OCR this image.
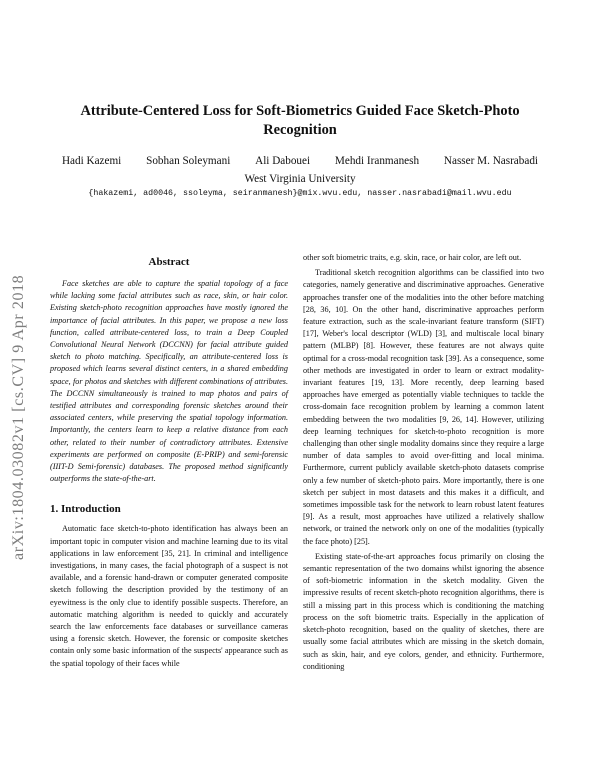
arXiv:1804.03082v1 [cs.CV] 9 Apr 2018
Attribute-Centered Loss for Soft-Biometrics Guided Face Sketch-Photo
Recognition
Hadi Kazemi Sobhan Soleymani Ali Dabouei Mehdi Iranmanesh Nasser M. Nasrabadi
West Virginia University
{hakazemi, ad0046, ssoleyma, seiranmanesh}@mix.wvu.edu, nasser.nasrabadi@mail.wvu.edu
Abstract

Face sketches are able to capture the spatial topology of a face while lacking some facial attributes such as race, skin, or hair color. Existing sketch-photo recognition approaches have mostly ignored the importance of facial attributes. In this paper, we propose a new loss function, called attribute-centered loss, to train a Deep Coupled Convolutional Neural Network (DCCNN) for facial attribute guided sketch to photo matching. Specifically, an attribute-centered loss is proposed which learns several distinct centers, in a shared embedding space, for photos and sketches with different combinations of attributes. The DCCNN simultaneously is trained to map photos and pairs of testified attributes and corresponding forensic sketches around their associated centers, while preserving the spatial topology information. Importantly, the centers learn to keep a relative distance from each other, related to their number of contradictory attributes. Extensive experiments are performed on composite (E-PRIP) and semi-forensic (IIIT-D Semi-forensic) databases. The proposed method significantly outperforms the state-of-the-art.

1. Introduction

Automatic face sketch-to-photo identification has always been an important topic in computer vision and machine learning due to its vital applications in law enforcement [35, 21]. In criminal and intelligence investigations, in many cases, the facial photograph of a suspect is not available, and a forensic hand-drawn or computer generated composite sketch following the description provided by the testimony of an eyewitness is the only clue to identify possible suspects. Therefore, an automatic matching algorithm is needed to quickly and accurately search the law enforcements face databases or surveillance cameras using a forensic sketch. However, the forensic or composite sketches contain only some basic information of the suspects' appearance such as the spatial topology of their faces while

other soft biometric traits, e.g. skin, race, or hair color, are left out.

Traditional sketch recognition algorithms can be classified into two categories, namely generative and discriminative approaches. Generative approaches transfer one of the modalities into the other before matching [28, 36, 10]. On the other hand, discriminative approaches perform feature extraction, such as the scale-invariant feature transform (SIFT) [17], Weber's local descriptor (WLD) [3], and multiscale local binary pattern (MLBP) [8]. However, these features are not always quite optimal for a cross-modal recognition task [39]. As a consequence, some other methods are investigated in order to learn or extract modality-invariant features [19, 13]. More recently, deep learning based approaches have emerged as potentially viable techniques to tackle the cross-domain face recognition problem by learning a common latent embedding between the two modalities [9, 26, 14]. However, utilizing deep learning techniques for sketch-to-photo recognition is more challenging than other single modality domains since they require a large number of data samples to avoid over-fitting and local minima. Furthermore, current publicly available sketch-photo datasets comprise only a few number of sketch-photo pairs. More importantly, there is one sketch per subject in most datasets and this makes it a difficult, and sometimes impossible task for the network to learn robust latent features [9]. As a result, most approaches have utilized a relatively shallow network, or trained the network only on one of the modalities (typically the face photo) [25].

Existing state-of-the-art approaches focus primarily on closing the semantic representation of the two domains whilst ignoring the absence of soft-biometric information in the sketch modality. Given the impressive results of recent sketch-photo recognition algorithms, there is still a missing part in this process which is conditioning the matching process on the soft biometric traits. Especially in the application of sketch-photo recognition, based on the quality of sketches, there are usually some facial attributes which are missing in the sketch domain, such as skin, hair, and eye colors, gender, and ethnicity. Furthermore, conditioning
